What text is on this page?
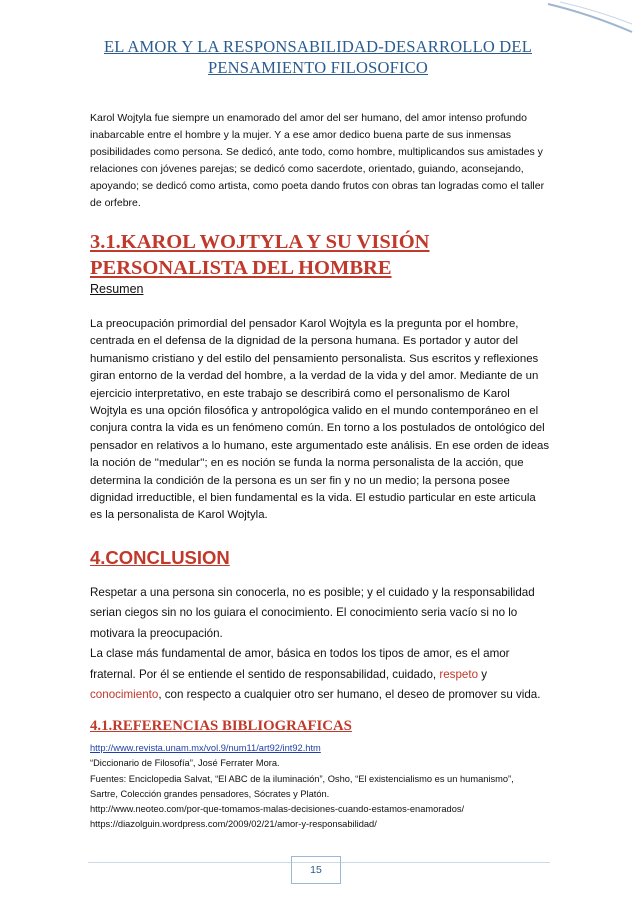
EL AMOR Y LA RESPONSABILIDAD-DESARROLLO DEL PENSAMIENTO FILOSOFICO

Karol Wojtyla fue siempre un enamorado del amor del ser humano, del amor intenso profundo inabarcable entre el hombre y la mujer. Y a ese amor dedico buena parte de sus inmensas posibilidades como persona. Se dedicó, ante todo, como hombre, multiplicandos sus amistades y relaciones con jóvenes parejas; se dedicó como sacerdote, orientado, guiando, aconsejando, apoyando; se dedicó como artista, como poeta dando frutos con obras tan logradas como el taller de orfebre.

3.1.KAROL WOJTYLA Y SU VISIÓN PERSONALISTA DEL HOMBRE
Resumen

La preocupación primordial del pensador Karol Wojtyla es la pregunta por el hombre, centrada en el defensa de la dignidad de la persona humana. Es portador y autor del humanismo cristiano y del estilo del pensamiento personalista. Sus escritos y reflexiones giran entorno de la verdad del hombre, a la verdad de la vida y del amor. Mediante de un ejercicio interpretativo, en este trabajo se describirá como el personalismo de Karol Wojtyla es una opción filosófica y antropológica valido en el mundo contemporáneo en el conjura contra la vida es un fenómeno común. En torno a los postulados de ontológico del pensador en relativos a lo humano, este argumentado este análisis. En ese orden de ideas la noción de ''medular''; en es noción se funda la norma personalista de la acción, que determina la condición de la persona es un ser fin y no un medio; la persona posee dignidad irreductible, el bien fundamental es la vida. El estudio particular en este articula es la personalista de Karol Wojtyla.

4.CONCLUSION
Respetar a una persona sin conocerla, no es posible; y el cuidado y la responsabilidad serian ciegos sin no los guiara el conocimiento. El conocimiento seria vacío si no lo motivara la preocupación.
La clase más fundamental de amor, básica en todos los tipos de amor, es el amor fraternal. Por él se entiende el sentido de responsabilidad, cuidado, respeto y conocimiento, con respecto a cualquier otro ser humano, el deseo de promover su vida.
4.1.REFERENCIAS BIBLIOGRAFICAS
http://www.revista.unam.mx/vol.9/num11/art92/int92.htm
“Diccionario de Filosofía”, José Ferrater Mora.
Fuentes: Enciclopedia Salvat, “El ABC de la iluminación”, Osho, “El existencialismo es un humanismo”,
Sartre, Colección grandes pensadores, Sócrates y Platón.
http://www.neoteo.com/por-que-tomamos-malas-decisiones-cuando-estamos-enamorados/
https://diazolguin.wordpress.com/2009/02/21/amor-y-responsabilidad/
15
